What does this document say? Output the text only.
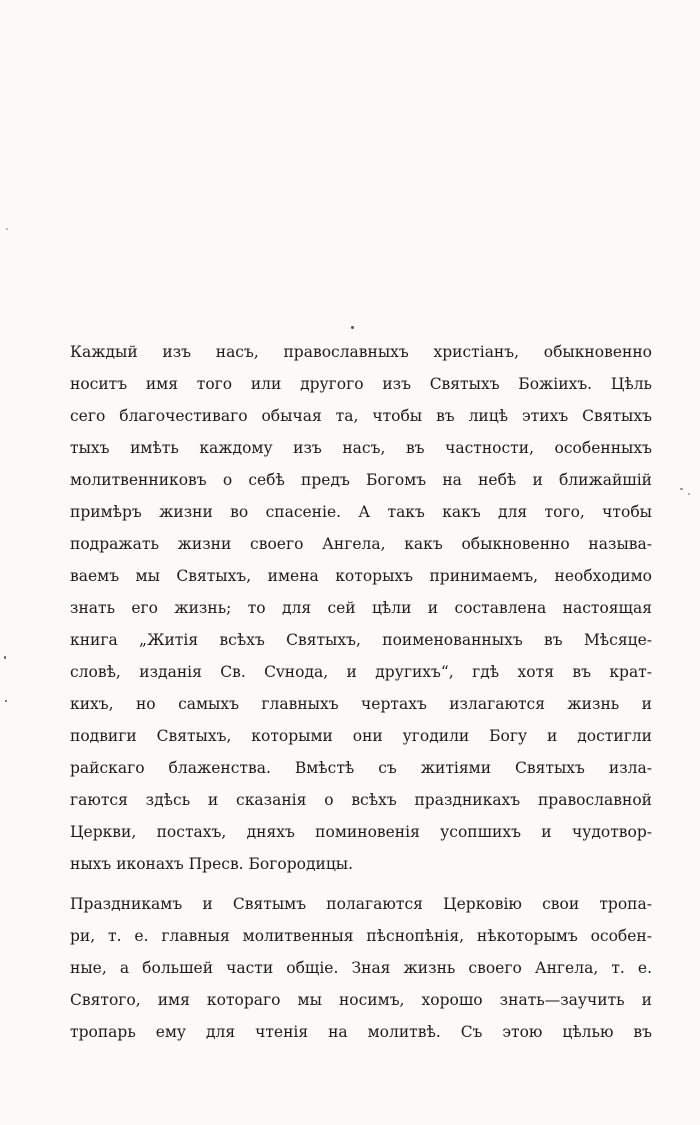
Каждый изъ насъ, православныхъ христіанъ, обыкновенно
носитъ имя того или другого изъ Святыхъ Божіихъ. Цѣль
сего благочестиваго обычая та, чтобы въ лицѣ этихъ Святыхъ
тыхъ имѣть каждому изъ насъ, въ частности, особенныхъ
молитвенниковъ о себѣ предъ Богомъ на небѣ и ближайшій
примѣръ жизни во спасеніе. А такъ какъ для того, чтобы
подражать жизни своего Ангела, какъ обыкновенно называ-
ваемъ мы Святыхъ, имена которыхъ принимаемъ, необходимо
знать его жизнь; то для сей цѣли и составлена настоящая
книга „Житія всѣхъ Святыхъ, поименованныхъ въ Мѣсяце-
словѣ, изданія Св. Сvнода, и другихъ“, гдѣ хотя въ крат-
кихъ, но самыхъ главныхъ чертахъ излагаются жизнь и
подвиги Святыхъ, которыми они угодили Богу и достигли
райскаго блаженства. Вмѣстѣ съ житіями Святыхъ изла-
гаются здѣсь и сказанія о всѣхъ праздникахъ православной
Церкви, постахъ, дняхъ поминовенія усопшихъ и чудотвор-
ныхъ иконахъ Пресв. Богородицы.
Праздникамъ и Святымъ полагаются Церковію свои тропа-
ри, т. е. главныя молитвенныя пѣснопѣнія, нѣкоторымъ особен-
ные, а большей части общіе. Зная жизнь своего Ангела, т. е.
Святого, имя котораго мы носимъ, хорошо знать—заучить и
тропарь ему для чтенія на молитвѣ. Съ этою цѣлью въ
